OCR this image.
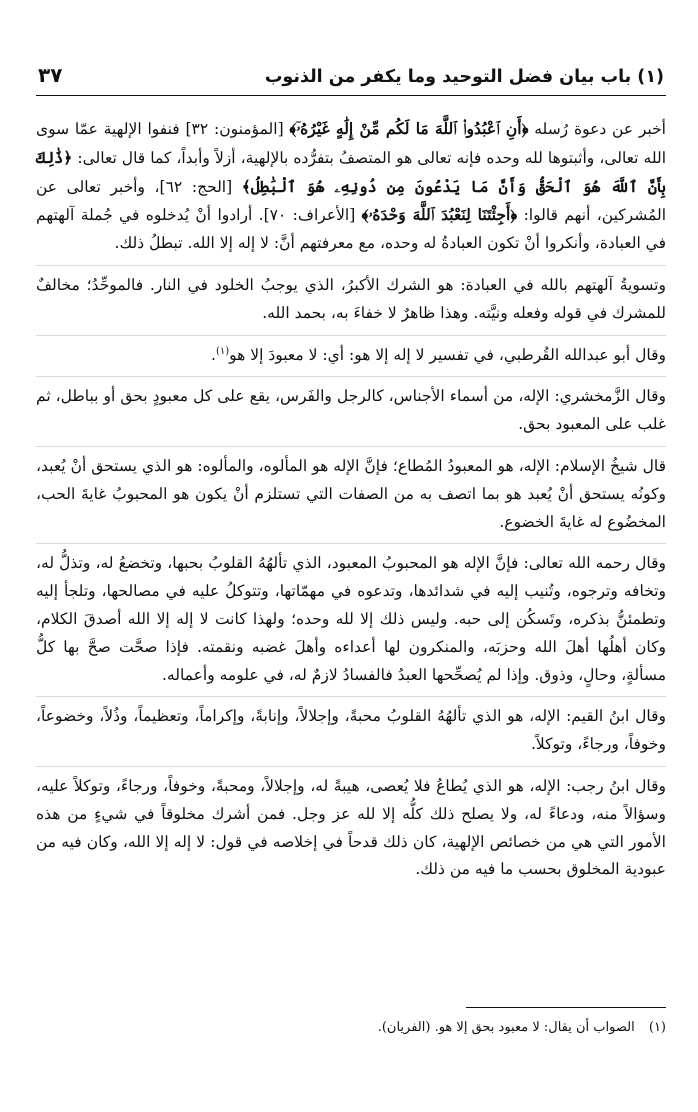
(١) باب بيان فضل التوحيد وما يكفر من الذنوب
٣٧

أخبر عن دعوة رُسله ﴿أَنِ ٱعْبُدُوا۟ ٱللَّهَ مَا لَكُم مِّنْ إِلَٰهٍ غَيْرُهُۥٓ﴾ [المؤمنون: ٣٢] فنفوا الإلهية عمّا سوى الله تعالى، وأثبتوها لله وحده فإنه تعالى هو المتصفُ بتفرُّده بالإلهية، أزلاً وأبداً، كما قال تعالى: ﴿ذَٰلِكَ بِأَنَّ ٱللَّهَ هُوَ ٱلْحَقُّ وَأَنَّ مَا يَدْعُونَ مِن دُونِهِۦ هُوَ ٱلْبَٰطِلُ﴾ [الحج: ٦٢]، وأخبر تعالى عن المُشركين، أنهم قالوا: ﴿أَجِئْتَنَا لِنَعْبُدَ ٱللَّهَ وَحْدَهُۥ﴾ [الأعراف: ٧٠]. أرادوا أنْ يُدخلوه في جُملة آلهتهم في العبادة، وأنكروا أنْ تكون العبادةُ له وحده، مع معرفتهم أنَّ: لا إله إلا الله. تبطلُ ذلك.

وتسويةُ آلهتهم بالله في العبادة: هو الشرك الأكبرُ، الذي يوجبُ الخلود في النار. فالموحِّدُ؛ مخالفٌ للمشرك في قوله وفعله ونيَّته. وهذا ظاهرٌ لا خفاءَ به، بحمد الله.

وقال أبو عبدالله القُرطبي، في تفسير لا إله إلا هو: أي: لا معبودَ إلا هو$^{(١)}$.

وقال الزَّمخشري: الإله، من أسماء الأجناس، كالرجل والفَرس، يقع على كل معبودٍ بحق أو بباطل، ثم غلب على المعبود بحق.

قال شيخُ الإسلام: الإله، هو المعبودُ المُطاع؛ فإنَّ الإله هو المألوه، والمألوه: هو الذي يستحق أنْ يُعبد، وكونُه يستحق أنْ يُعبد هو بما اتصف به من الصفات التي تستلزم أنْ يكون هو المحبوبُ غايةَ الحب، المخضُوع له غايةَ الخضوع.

وقال رحمه الله تعالى: فإنَّ الإله هو المحبوبُ المعبود، الذي تألهُهُ القلوبُ بحبها، وتخضعُ له، وتذلُّ له، وتخافه وترجوه، وتُنيب إليه في شدائدها، وتدعوه في مهمّاتها، وتتوكلُ عليه في مصالحها، وتلجأ إليه وتطمئنُّ بذكره، وتَسكُن إلى حبه. وليس ذلك إلا لله وحده؛ ولهذا كانت لا إله إلا الله أصدقَ الكلام، وكان أهلُها أهلَ الله وحزبَه، والمنكرون لها أعداءه وأهلَ غضبه ونقمته. فإذا صحَّت صحَّ بها كلُّ مسألةٍ، وحالٍ، وذوق. وإذا لم يُصحِّحها العبدُ فالفسادُ لازمٌ له، في علومه وأعماله.

وقال ابنُ القيم: الإله، هو الذي تألهُهُ القلوبُ محبةً، وإجلالاً، وإنابةً، وإكراماً، وتعظيماً، وذُلاً، وخضوعاً، وخوفاً، ورجاءً، وتوكلاً.

وقال ابنُ رجب: الإله، هو الذي يُطاعُ فلا يُعصى، هيبةً له، وإجلالاً، ومحبةً، وخوفاً، ورجاءً، وتوكلاً عليه، وسؤالاً منه، ودعاءً له، ولا يصلح ذلك كلُّه إلا لله عز وجل. فمن أشرك مخلوقاً في شيءٍ من هذه الأمور التي هي من خصائص الإلهية، كان ذلك قدحاً في إخلاصه في قول: لا إله إلا الله، وكان فيه من عبودية المخلوق بحسب ما فيه من ذلك.

(١) الصواب أن يقال: لا معبود بحق إلا هو. (الفريان).
